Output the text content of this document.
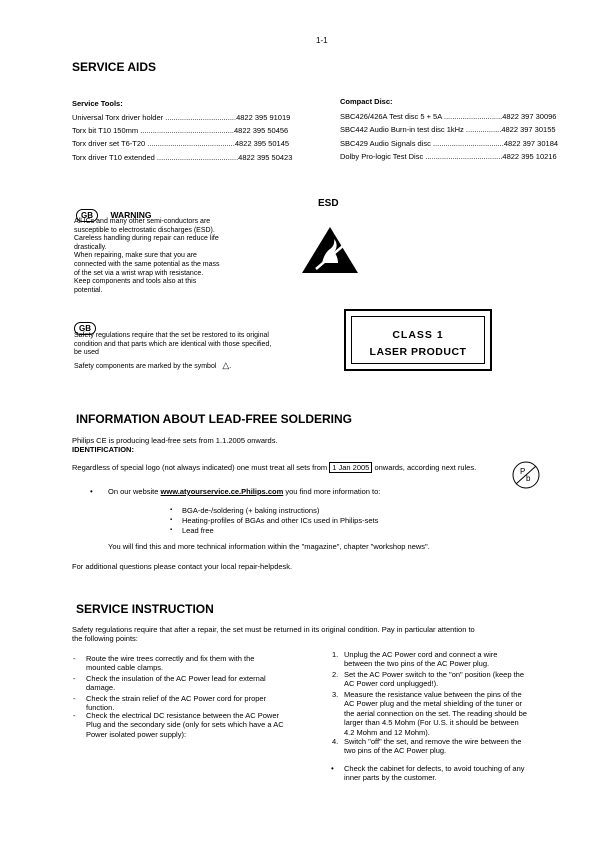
1-1
SERVICE AIDS
Service Tools:
Universal Torx driver holder ..................................4822 395 91019
Torx bit T10 150mm .............................................4822 395 50456
Torx driver set T6-T20 ..........................................4822 395 50145
Torx driver T10 extended .......................................4822 395 50423
Compact Disc:
SBC426/426A Test disc 5 + 5A ............................4822 397 30096
SBC442 Audio Burn-in test disc 1kHz .................4822 397 30155
SBC429 Audio Signals disc ..................................4822 397 30184
Dolby Pro-logic Test Disc .....................................4822 395 10216
GB WARNING
All ICs and many other semi-conductors are
susceptible to electrostatic discharges (ESD).
Careless handling during repair can reduce life
drastically.
When repairing, make sure that you are
connected with the same potential as the mass
of the set via a wrist wrap with resistance.
Keep components and tools also at this
potential.
ESD
GB
Safety regulations require that the set be restored to its original
condition and that parts which are identical with those specified,
be used
Safety components are marked by the symbol △.
CLASS 1
LASER PRODUCT
INFORMATION ABOUT LEAD-FREE SOLDERING
Philips CE is producing lead-free sets from 1.1.2005 onwards.
IDENTIFICATION:
Regardless of special logo (not always indicated) one must treat all sets from 1 Jan 2005 onwards, according next rules.	P
b
• On our website www.atyourservice.ce.Philips.com you find more information to:
▪ BGA-de-/soldering (+ baking instructions)
▪ Heating-profiles of BGAs and other ICs used in Philips-sets
▪ Lead free
You will find this and more technical information within the "magazine", chapter "workshop news".
For additional questions please contact your local repair-helpdesk.
SERVICE INSTRUCTION
Safety regulations require that after a repair, the set must be returned in its original condition. Pay in particular attention to
the following points:
- Route the wire trees correctly and fix them with the
mounted cable clamps.
- Check the insulation of the AC Power lead for external
damage.
- Check the strain relief of the AC Power cord for proper
function.
- Check the electrical DC resistance between the AC Power
Plug and the secondary side (only for sets which have a AC
Power isolated power supply):
1. Unplug the AC Power cord and connect a wire
between the two pins of the AC Power plug.
2. Set the AC Power switch to the "on" position (keep the
AC Power cord unplugged!).
3. Measure the resistance value between the pins of the
AC Power plug and the metal shielding of the tuner or
the aerial connection on the set. The reading should be
larger than 4.5 Mohm (For U.S. it should be between
4.2 Mohm and 12 Mohm).
4. Switch "off" the set, and remove the wire between the
two pins of the AC Power plug.
• Check the cabinet for defects, to avoid touching of any
inner parts by the customer.
